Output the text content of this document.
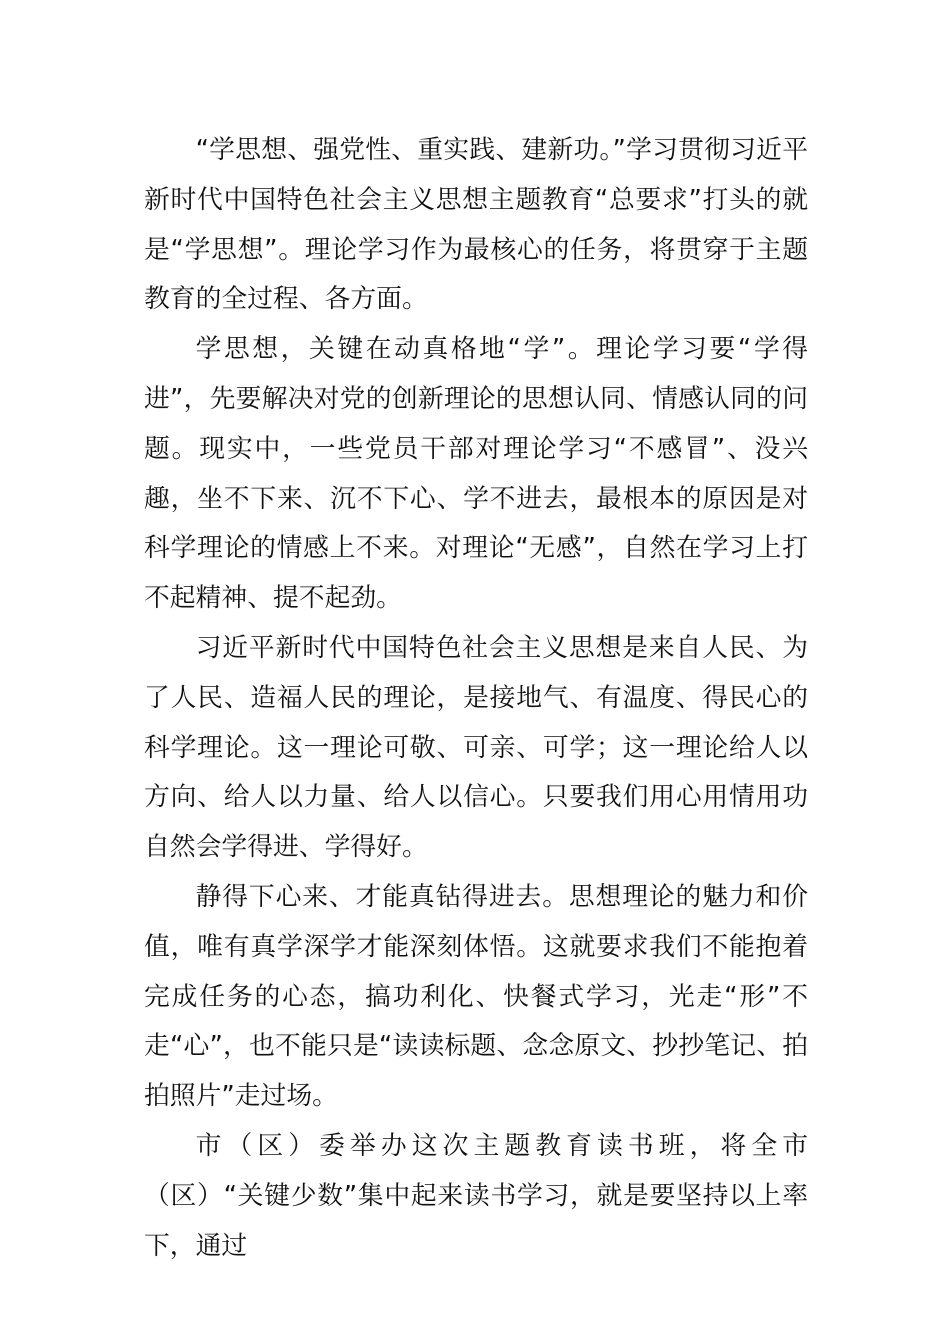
“学思想、强党性、重实践、建新功。”学习贯彻习近平新时代中国特色社会主义思想主题教育“总要求”打头的就是“学思想”。理论学习作为最核心的任务，将贯穿于主题教育的全过程、各方面。

学思想，关键在动真格地“学”。理论学习要“学得进”，先要解决对党的创新理论的思想认同、情感认同的问题。现实中，一些党员干部对理论学习“不感冒”、没兴趣，坐不下来、沉不下心、学不进去，最根本的原因是对科学理论的情感上不来。对理论“无感”，自然在学习上打不起精神、提不起劲。

习近平新时代中国特色社会主义思想是来自人民、为了人民、造福人民的理论，是接地气、有温度、得民心的科学理论。这一理论可敬、可亲、可学；这一理论给人以方向、给人以力量、给人以信心。只要我们用心用情用功自然会学得进、学得好。

静得下心来、才能真钻得进去。思想理论的魅力和价值，唯有真学深学才能深刻体悟。这就要求我们不能抱着完成任务的心态，搞功利化、快餐式学习，光走“形”不走“心”，也不能只是“读读标题、念念原文、抄抄笔记、拍拍照片”走过场。

市（区）委举办这次主题教育读书班，将全市（区）“关键少数”集中起来读书学习，就是要坚持以上率下，通过
